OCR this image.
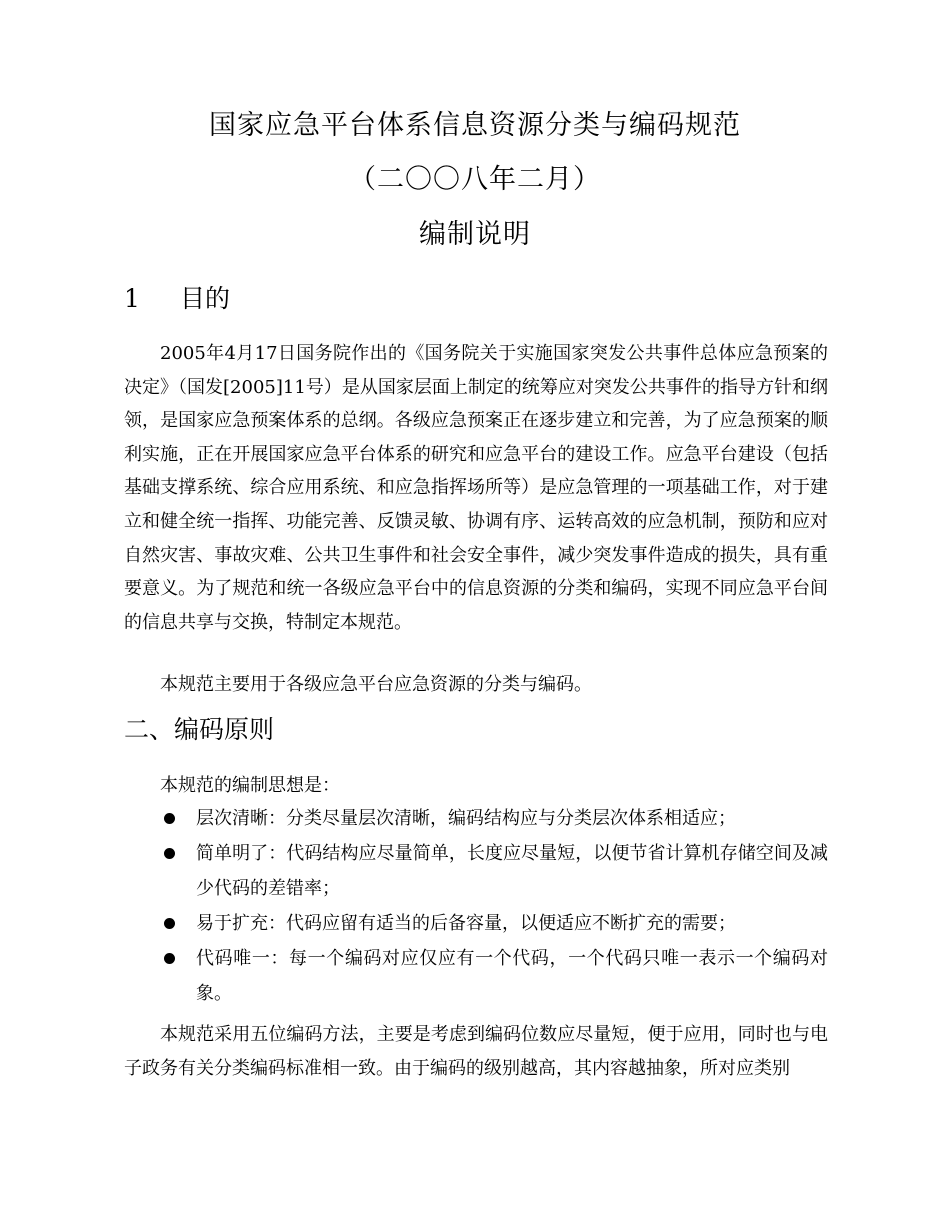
国家应急平台体系信息资源分类与编码规范
（二〇〇八年二月）
编制说明
1 目的

2005年4月17日国务院作出的《国务院关于实施国家突发公共事件总体应急预案的决定》（国发[2005]11号）是从国家层面上制定的统筹应对突发公共事件的指导方针和纲领，是国家应急预案体系的总纲。各级应急预案正在逐步建立和完善，为了应急预案的顺利实施，正在开展国家应急平台体系的研究和应急平台的建设工作。应急平台建设（包括基础支撑系统、综合应用系统、和应急指挥场所等）是应急管理的一项基础工作，对于建立和健全统一指挥、功能完善、反馈灵敏、协调有序、运转高效的应急机制，预防和应对自然灾害、事故灾难、公共卫生事件和社会安全事件，减少突发事件造成的损失，具有重要意义。为了规范和统一各级应急平台中的信息资源的分类和编码，实现不同应急平台间的信息共享与交换，特制定本规范。

本规范主要用于各级应急平台应急资源的分类与编码。
二、编码原则
本规范的编制思想是：
层次清晰：分类尽量层次清晰，编码结构应与分类层次体系相适应；
简单明了：代码结构应尽量简单，长度应尽量短，以便节省计算机存储空间及减少代码的差错率；
易于扩充：代码应留有适当的后备容量，以便适应不断扩充的需要；
代码唯一：每一个编码对应仅应有一个代码，一个代码只唯一表示一个编码对象。

本规范采用五位编码方法，主要是考虑到编码位数应尽量短，便于应用，同时也与电子政务有关分类编码标准相一致。由于编码的级别越高，其内容越抽象，所对应类别
